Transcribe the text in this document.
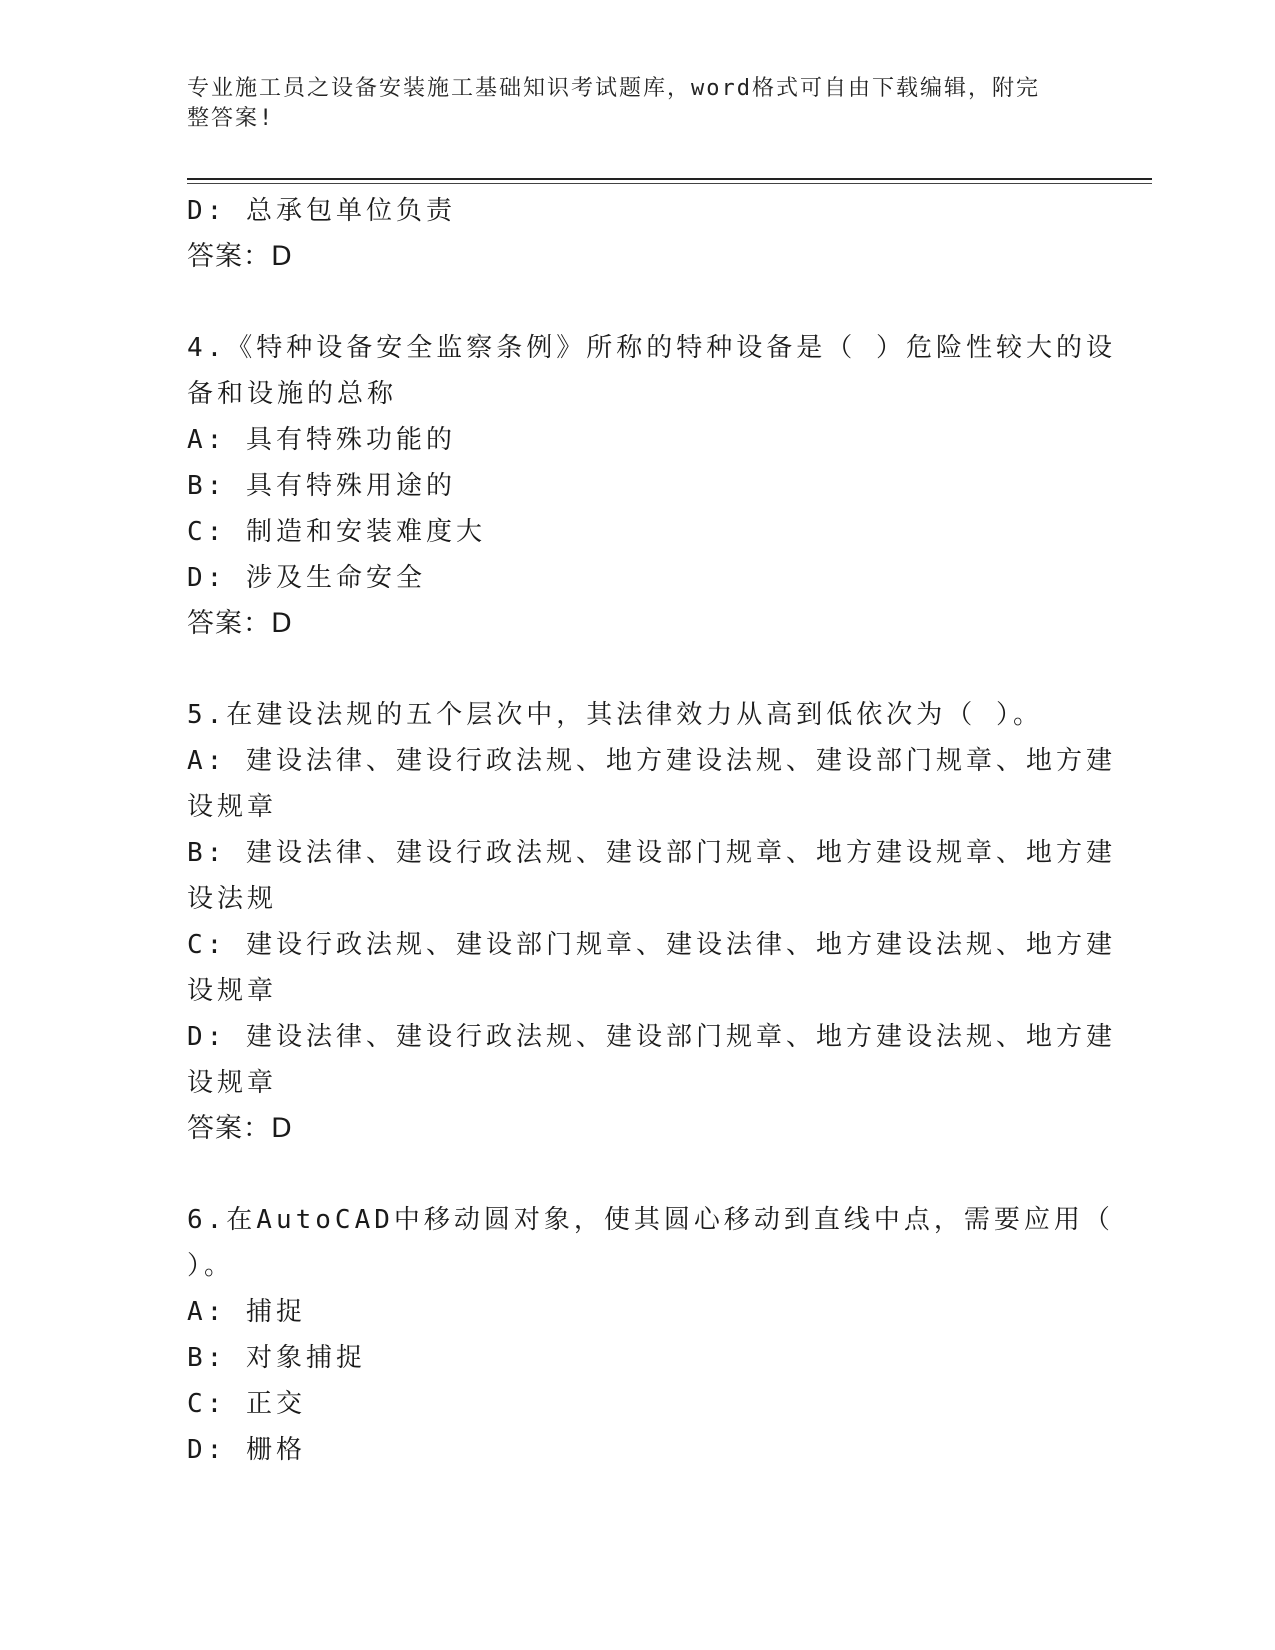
专业施工员之设备安装施工基础知识考试题库，word格式可自由下载编辑，附完
整答案!
D: 总承包单位负责
答案：D
4.《特种设备安全监察条例》所称的特种设备是（ ）危险性较大的设
备和设施的总称
A: 具有特殊功能的
B: 具有特殊用途的
C: 制造和安装难度大
D: 涉及生命安全
答案：D
5.在建设法规的五个层次中，其法律效力从高到低依次为（ ）。
A: 建设法律、建设行政法规、地方建设法规、建设部门规章、地方建
设规章
B: 建设法律、建设行政法规、建设部门规章、地方建设规章、地方建
设法规
C: 建设行政法规、建设部门规章、建设法律、地方建设法规、地方建
设规章
D: 建设法律、建设行政法规、建设部门规章、地方建设法规、地方建
设规章
答案：D
6.在AutoCAD中移动圆对象，使其圆心移动到直线中点，需要应用（
）。
A: 捕捉
B: 对象捕捉
C: 正交
D: 栅格
